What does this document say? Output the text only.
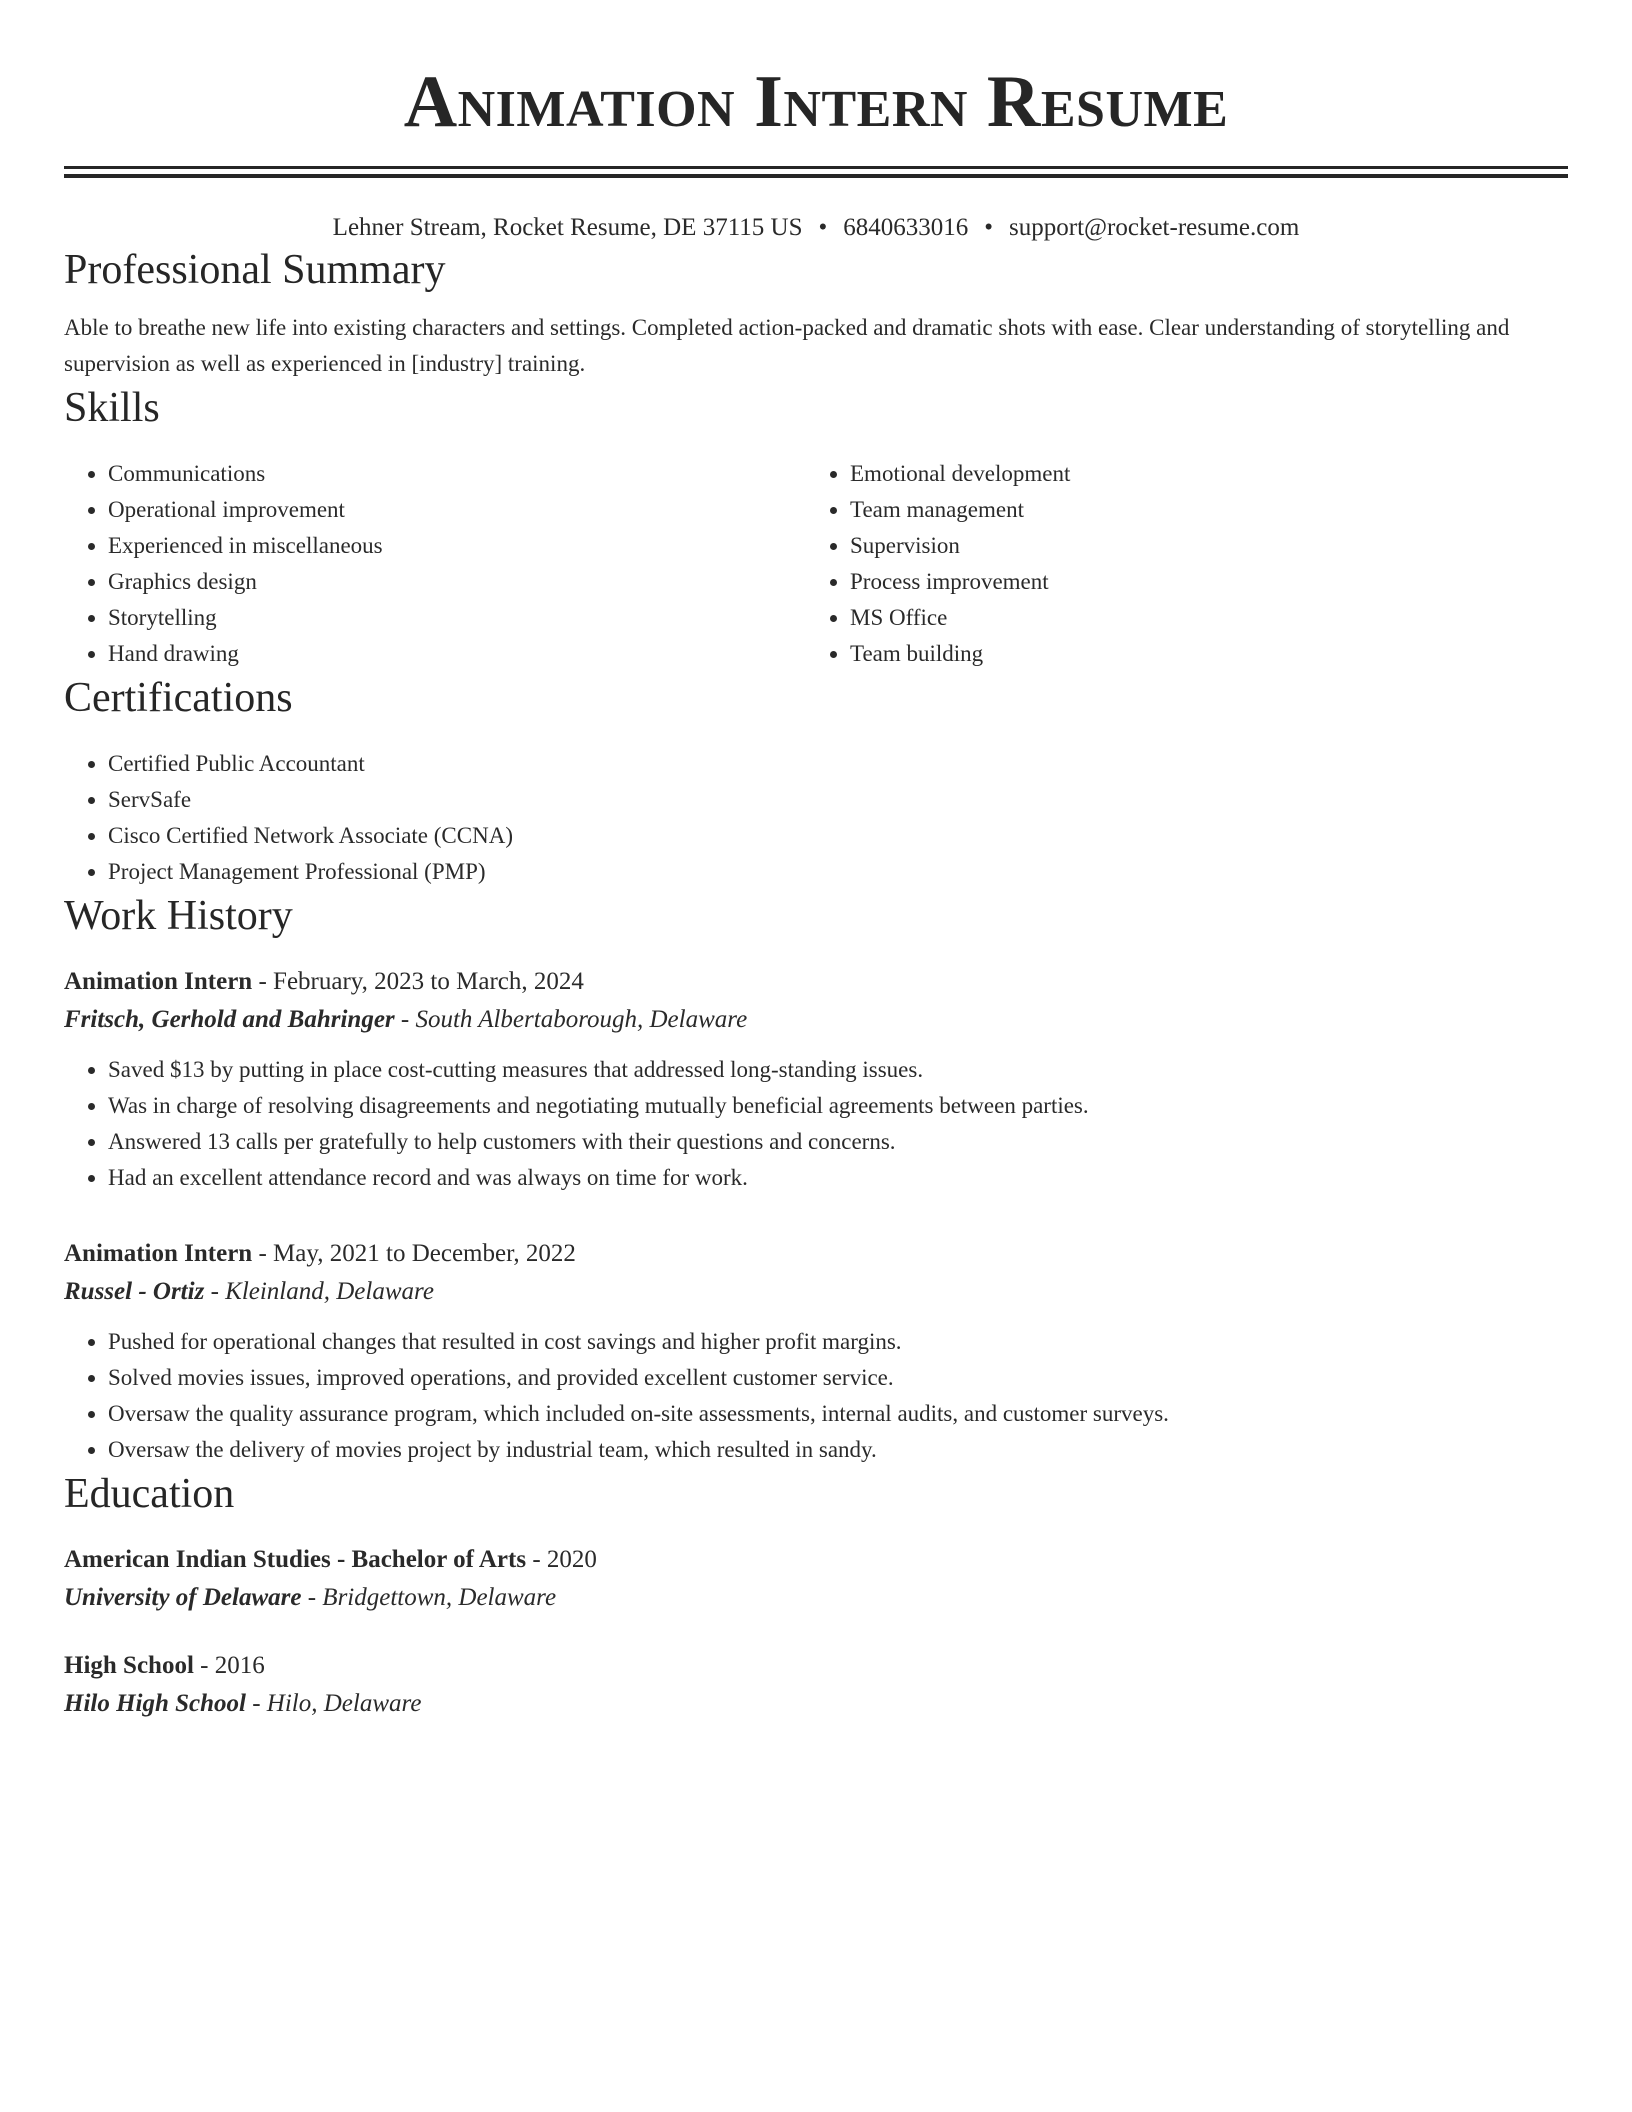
Animation Intern Resume
Lehner Stream, Rocket Resume, DE 37115 US • 6840633016 • support@rocket-resume.com
Professional Summary

Able to breathe new life into existing characters and settings. Completed action-packed and dramatic shots with ease. Clear understanding of storytelling and supervision as well as experienced in [industry] training.

Skills
• Communications
• Operational improvement
• Experienced in miscellaneous
• Graphics design
• Storytelling
• Hand drawing
• Emotional development
• Team management
• Supervision
• Process improvement
• MS Office
• Team building
Certifications
• Certified Public Accountant
• ServSafe
• Cisco Certified Network Associate (CCNA)
• Project Management Professional (PMP)
Work History
Animation Intern - February, 2023 to March, 2024
Fritsch, Gerhold and Bahringer - South Albertaborough, Delaware
• Saved $13 by putting in place cost-cutting measures that addressed long-standing issues.
• Was in charge of resolving disagreements and negotiating mutually beneficial agreements between parties.
• Answered 13 calls per gratefully to help customers with their questions and concerns.
• Had an excellent attendance record and was always on time for work.
Animation Intern - May, 2021 to December, 2022
Russel - Ortiz - Kleinland, Delaware
• Pushed for operational changes that resulted in cost savings and higher profit margins.
• Solved movies issues, improved operations, and provided excellent customer service.
• Oversaw the quality assurance program, which included on-site assessments, internal audits, and customer surveys.
• Oversaw the delivery of movies project by industrial team, which resulted in sandy.
Education
American Indian Studies - Bachelor of Arts - 2020
University of Delaware - Bridgettown, Delaware
High School - 2016
Hilo High School - Hilo, Delaware
